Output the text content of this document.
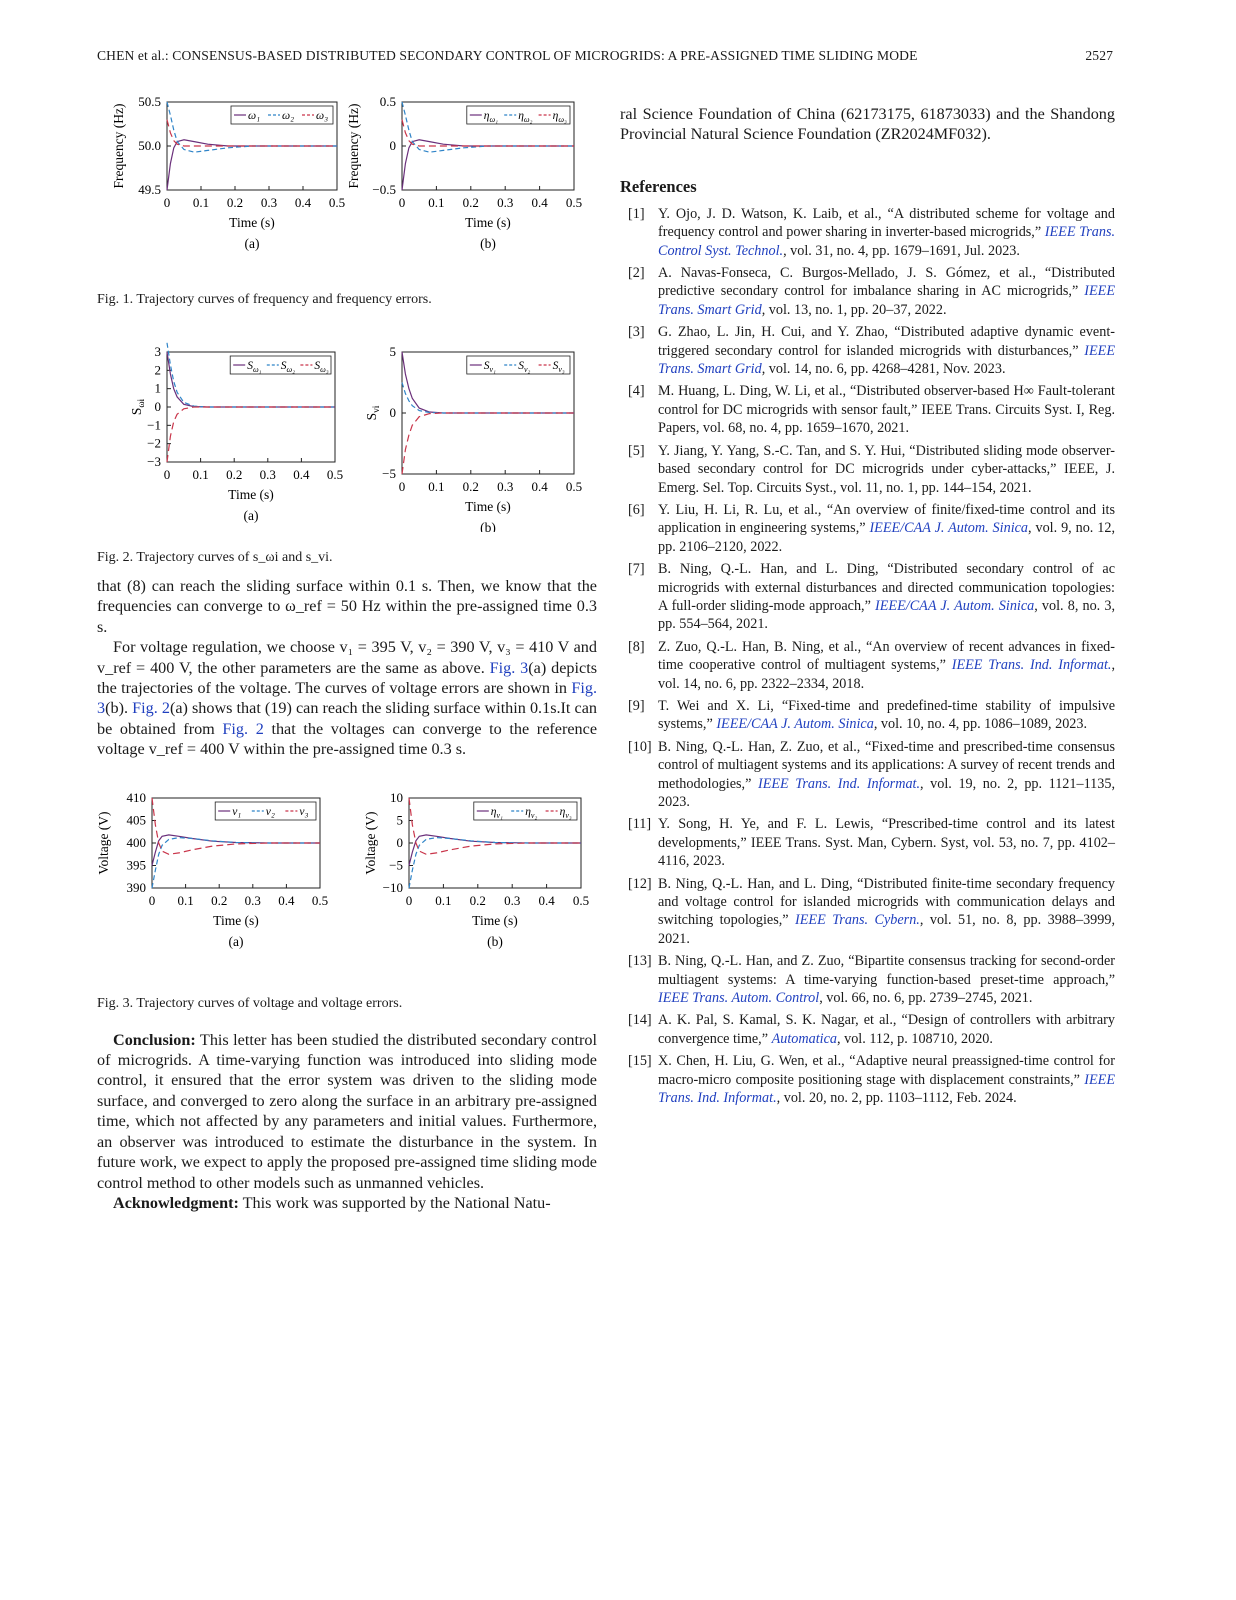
CHEN et al.: CONSENSUS-BASED DISTRIBUTED SECONDARY CONTROL OF MICROGRIDS: A PRE-ASSIGNED TIME SLIDING MODE	2527
0 0.1 0.2 0.3 0.4 0.5
50.5
50.0
49.5
Time (s)
(a)
Frequency (Hz)	ω₁ ω₂ ω₃
0 0.1 0.2 0.3 0.4 0.5
0.5
0
−0.5
Time (s)
(b)
Frequency (Hz)	$\eta_{\omega_1}$ $\eta_{\omega_2}$ $\eta_{\omega_3}$

Fig. 1. Trajectory curves of frequency and frequency errors.

0 0.1 0.2 0.3 0.4 0.5
3
2
1
0
−1
−2
−3
Time (s)
(a)
$S_{\omega i}$
$S_{\omega_1}$ $S_{\omega_2}$ $S_{\omega_3}$
0 0.1 0.2 0.3 0.4 0.5
5
0
−5
Time (s)
(b)
$S_{vi}$
$S_{v_1}$ $S_{v_2}$ $S_{v_3}$

Fig. 2. Trajectory curves of s_ωi and s_vi.

that (8) can reach the sliding surface within 0.1 s. Then, we know that the frequencies can converge to ω_ref = 50 Hz within the pre-assigned time 0.3 s.

For voltage regulation, we choose v₁ = 395 V, v₂ = 390 V, v₃ = 410 V and v_ref = 400 V, the other parameters are the same as above. Fig. 3(a) depicts the trajectories of the voltage. The curves of voltage errors are shown in Fig. 3(b). Fig. 2(a) shows that (19) can reach the sliding surface within 0.1s.It can be obtained from Fig. 2 that the voltages can converge to the reference voltage v_ref = 400 V within the pre-assigned time 0.3 s.

0 0.1 0.2 0.3 0.4 0.5
410
405
400
395
390
Time (s)
(a)
Voltage (V)	v₁ v₂ v₃
0 0.1 0.2 0.3 0.4 0.5
10
5
0
−5
−10
Time (s)
(b)
Voltage (V)	$\eta_{v_1}$ $\eta_{v_2}$ $\eta_{v_3}$

Fig. 3. Trajectory curves of voltage and voltage errors.

Conclusion: This letter has been studied the distributed secondary control of microgrids. A time-varying function was introduced into sliding mode control, it ensured that the error system was driven to the sliding mode surface, and converged to zero along the surface in an arbitrary pre-assigned time, which not affected by any parameters and initial values. Furthermore, an observer was introduced to estimate the disturbance in the system. In future work, we expect to apply the proposed pre-assigned time sliding mode control method to other models such as unmanned vehicles.

Acknowledgment: This work was supported by the National Natu-

ral Science Foundation of China (62173175, 61873033) and the Shandong Provincial Natural Science Foundation (ZR2024MF032).
References
[1] Y. Ojo, J. D. Watson, K. Laib, et al., “A distributed scheme for voltage and frequency control and power sharing in inverter-based microgrids,” IEEE Trans. Control Syst. Technol., vol. 31, no. 4, pp. 1679–1691, Jul. 2023.
[2] A. Navas-Fonseca, C. Burgos-Mellado, J. S. Gómez, et al., “Distributed predictive secondary control for imbalance sharing in AC microgrids,” IEEE Trans. Smart Grid, vol. 13, no. 1, pp. 20–37, 2022.
[3] G. Zhao, L. Jin, H. Cui, and Y. Zhao, “Distributed adaptive dynamic event-triggered secondary control for islanded microgrids with disturbances,” IEEE Trans. Smart Grid, vol. 14, no. 6, pp. 4268–4281, Nov. 2023.
[4] M. Huang, L. Ding, W. Li, et al., “Distributed observer-based H∞ Fault-tolerant control for DC microgrids with sensor fault,” IEEE Trans. Circuits Syst. I, Reg. Papers, vol. 68, no. 4, pp. 1659–1670, 2021.
[5] Y. Jiang, Y. Yang, S.-C. Tan, and S. Y. Hui, “Distributed sliding mode observer-based secondary control for DC microgrids under cyber-attacks,” IEEE, J. Emerg. Sel. Top. Circuits Syst., vol. 11, no. 1, pp. 144–154, 2021.
[6] Y. Liu, H. Li, R. Lu, et al., “An overview of finite/fixed-time control and its application in engineering systems,” IEEE/CAA J. Autom. Sinica, vol. 9, no. 12, pp. 2106–2120, 2022.
[7] B. Ning, Q.-L. Han, and L. Ding, “Distributed secondary control of ac microgrids with external disturbances and directed communication topologies: A full-order sliding-mode approach,” IEEE/CAA J. Autom. Sinica, vol. 8, no. 3, pp. 554–564, 2021.
[8] Z. Zuo, Q.-L. Han, B. Ning, et al., “An overview of recent advances in fixed-time cooperative control of multiagent systems,” IEEE Trans. Ind. Informat., vol. 14, no. 6, pp. 2322–2334, 2018.
[9] T. Wei and X. Li, “Fixed-time and predefined-time stability of impulsive systems,” IEEE/CAA J. Autom. Sinica, vol. 10, no. 4, pp. 1086–1089, 2023.
[10] B. Ning, Q.-L. Han, Z. Zuo, et al., “Fixed-time and prescribed-time consensus control of multiagent systems and its applications: A survey of recent trends and methodologies,” IEEE Trans. Ind. Informat., vol. 19, no. 2, pp. 1121–1135, 2023.
[11] Y. Song, H. Ye, and F. L. Lewis, “Prescribed-time control and its latest developments,” IEEE Trans. Syst. Man, Cybern. Syst, vol. 53, no. 7, pp. 4102–4116, 2023.
[12] B. Ning, Q.-L. Han, and L. Ding, “Distributed finite-time secondary frequency and voltage control for islanded microgrids with communication delays and switching topologies,” IEEE Trans. Cybern., vol. 51, no. 8, pp. 3988–3999, 2021.
[13] B. Ning, Q.-L. Han, and Z. Zuo, “Bipartite consensus tracking for second-order multiagent systems: A time-varying function-based preset-time approach,” IEEE Trans. Autom. Control, vol. 66, no. 6, pp. 2739–2745, 2021.
[14] A. K. Pal, S. Kamal, S. K. Nagar, et al., “Design of controllers with arbitrary convergence time,” Automatica, vol. 112, p. 108710, 2020.
[15] X. Chen, H. Liu, G. Wen, et al., “Adaptive neural preassigned-time control for macro-micro composite positioning stage with displacement constraints,” IEEE Trans. Ind. Informat., vol. 20, no. 2, pp. 1103–1112, Feb. 2024.
